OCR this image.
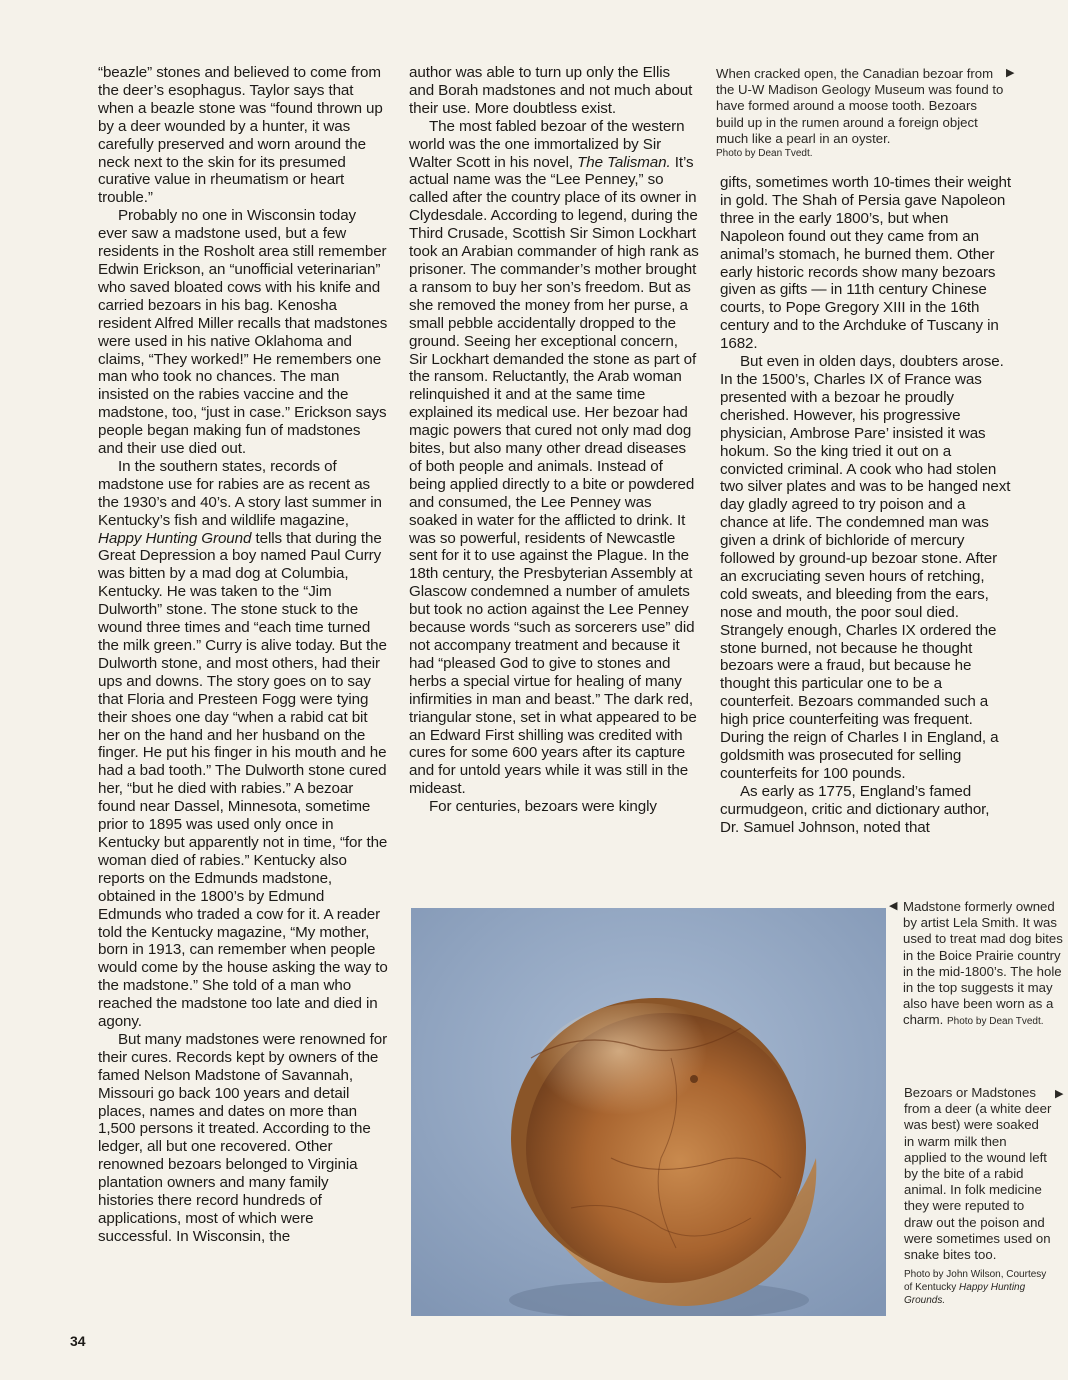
“beazle” stones and believed to come from the deer’s esophagus. Taylor says that when a beazle stone was “found thrown up by a deer wounded by a hunter, it was carefully preserved and worn around the neck next to the skin for its presumed curative value in rheumatism or heart trouble.”

Probably no one in Wisconsin today ever saw a madstone used, but a few residents in the Rosholt area still remember Edwin Erickson, an “unofficial veterinarian” who saved bloated cows with his knife and carried bezoars in his bag. Kenosha resident Alfred Miller recalls that madstones were used in his native Oklahoma and claims, “They worked!” He remembers one man who took no chances. The man insisted on the rabies vaccine and the madstone, too, “just in case.” Erickson says people began making fun of madstones and their use died out.

In the southern states, records of madstone use for rabies are as recent as the 1930’s and 40’s. A story last summer in Kentucky’s fish and wildlife magazine, Happy Hunting Ground tells that during the Great Depression a boy named Paul Curry was bitten by a mad dog at Columbia, Kentucky. He was taken to the “Jim Dulworth” stone. The stone stuck to the wound three times and “each time turned the milk green.” Curry is alive today. But the Dulworth stone, and most others, had their ups and downs. The story goes on to say that Floria and Presteen Fogg were tying their shoes one day “when a rabid cat bit her on the hand and her husband on the finger. He put his finger in his mouth and he had a bad tooth.” The Dulworth stone cured her, “but he died with rabies.” A bezoar found near Dassel, Minnesota, sometime prior to 1895 was used only once in Kentucky but apparently not in time, “for the woman died of rabies.” Kentucky also reports on the Edmunds madstone, obtained in the 1800’s by Edmund Edmunds who traded a cow for it. A reader told the Kentucky magazine, “My mother, born in 1913, can remember when people would come by the house asking the way to the madstone.” She told of a man who reached the madstone too late and died in agony.

But many madstones were renowned for their cures. Records kept by owners of the famed Nelson Madstone of Savannah, Missouri go back 100 years and detail places, names and dates on more than 1,500 persons it treated. According to the ledger, all but one recovered. Other renowned bezoars belonged to Virginia plantation owners and many family histories there record hundreds of applications, most of which were successful. In Wisconsin, the

author was able to turn up only the Ellis and Borah madstones and not much about their use. More doubtless exist.

The most fabled bezoar of the western world was the one immortalized by Sir Walter Scott in his novel, The Talisman. It’s actual name was the “Lee Penney,” so called after the country place of its owner in Clydesdale. According to legend, during the Third Crusade, Scottish Sir Simon Lockhart took an Arabian commander of high rank as prisoner. The commander’s mother brought a ransom to buy her son’s freedom. But as she removed the money from her purse, a small pebble accidentally dropped to the ground. Seeing her exceptional concern, Sir Lockhart demanded the stone as part of the ransom. Reluctantly, the Arab woman relinquished it and at the same time explained its medical use. Her bezoar had magic powers that cured not only mad dog bites, but also many other dread diseases of both people and animals. Instead of being applied directly to a bite or powdered and consumed, the Lee Penney was soaked in water for the afflicted to drink. It was so powerful, residents of Newcastle sent for it to use against the Plague. In the 18th century, the Presbyterian Assembly at Glascow condemned a number of amulets but took no action against the Lee Penney because words “such as sorcerers use” did not accompany treatment and because it had “pleased God to give to stones and herbs a special virtue for healing of many infirmities in man and beast.” The dark red, triangular stone, set in what appeared to be an Edward First shilling was credited with cures for some 600 years after its capture and for untold years while it was still in the mideast.

For centuries, bezoars were kingly

gifts, sometimes worth 10-times their weight in gold. The Shah of Persia gave Napoleon three in the early 1800’s, but when Napoleon found out they came from an animal’s stomach, he burned them. Other early historic records show many bezoars given as gifts — in 11th century Chinese courts, to Pope Gregory XIII in the 16th century and to the Archduke of Tuscany in 1682.

But even in olden days, doubters arose. In the 1500’s, Charles IX of France was presented with a bezoar he proudly cherished. However, his progressive physician, Ambrose Pare’ insisted it was hokum. So the king tried it out on a convicted criminal. A cook who had stolen two silver plates and was to be hanged next day gladly agreed to try poison and a chance at life. The condemned man was given a drink of bichloride of mercury followed by ground-up bezoar stone. After an excruciating seven hours of retching, cold sweats, and bleeding from the ears, nose and mouth, the poor soul died. Strangely enough, Charles IX ordered the stone burned, not because he thought bezoars were a fraud, but because he thought this particular one to be a counterfeit. Bezoars commanded such a high price counterfeiting was frequent. During the reign of Charles I in England, a goldsmith was prosecuted for selling counterfeits for 100 pounds.

As early as 1775, England’s famed curmudgeon, critic and dictionary author, Dr. Samuel Johnson, noted that

When cracked open, the Canadian bezoar from the U-W Madison Geology Museum was found to have formed around a moose tooth. Bezoars build up in the rumen around a foreign object much like a pearl in an oyster.

Photo by Dean Tvedt.

▶
◀ Madstone formerly owned by artist Lela Smith. It was used to treat mad dog bites in the Boice Prairie country in the mid-1800’s. The hole in the top suggests it may also have been worn as a charm. Photo by Dean Tvedt.

Bezoars or Madstones from a deer (a white deer was best) were soaked in warm milk then applied to the wound left by the bite of a rabid animal. In folk medicine they were reputed to draw out the poison and were sometimes used on snake bites too.

Photo by John Wilson, Courtesy of Kentucky Happy Hunting Grounds.

▶
34
